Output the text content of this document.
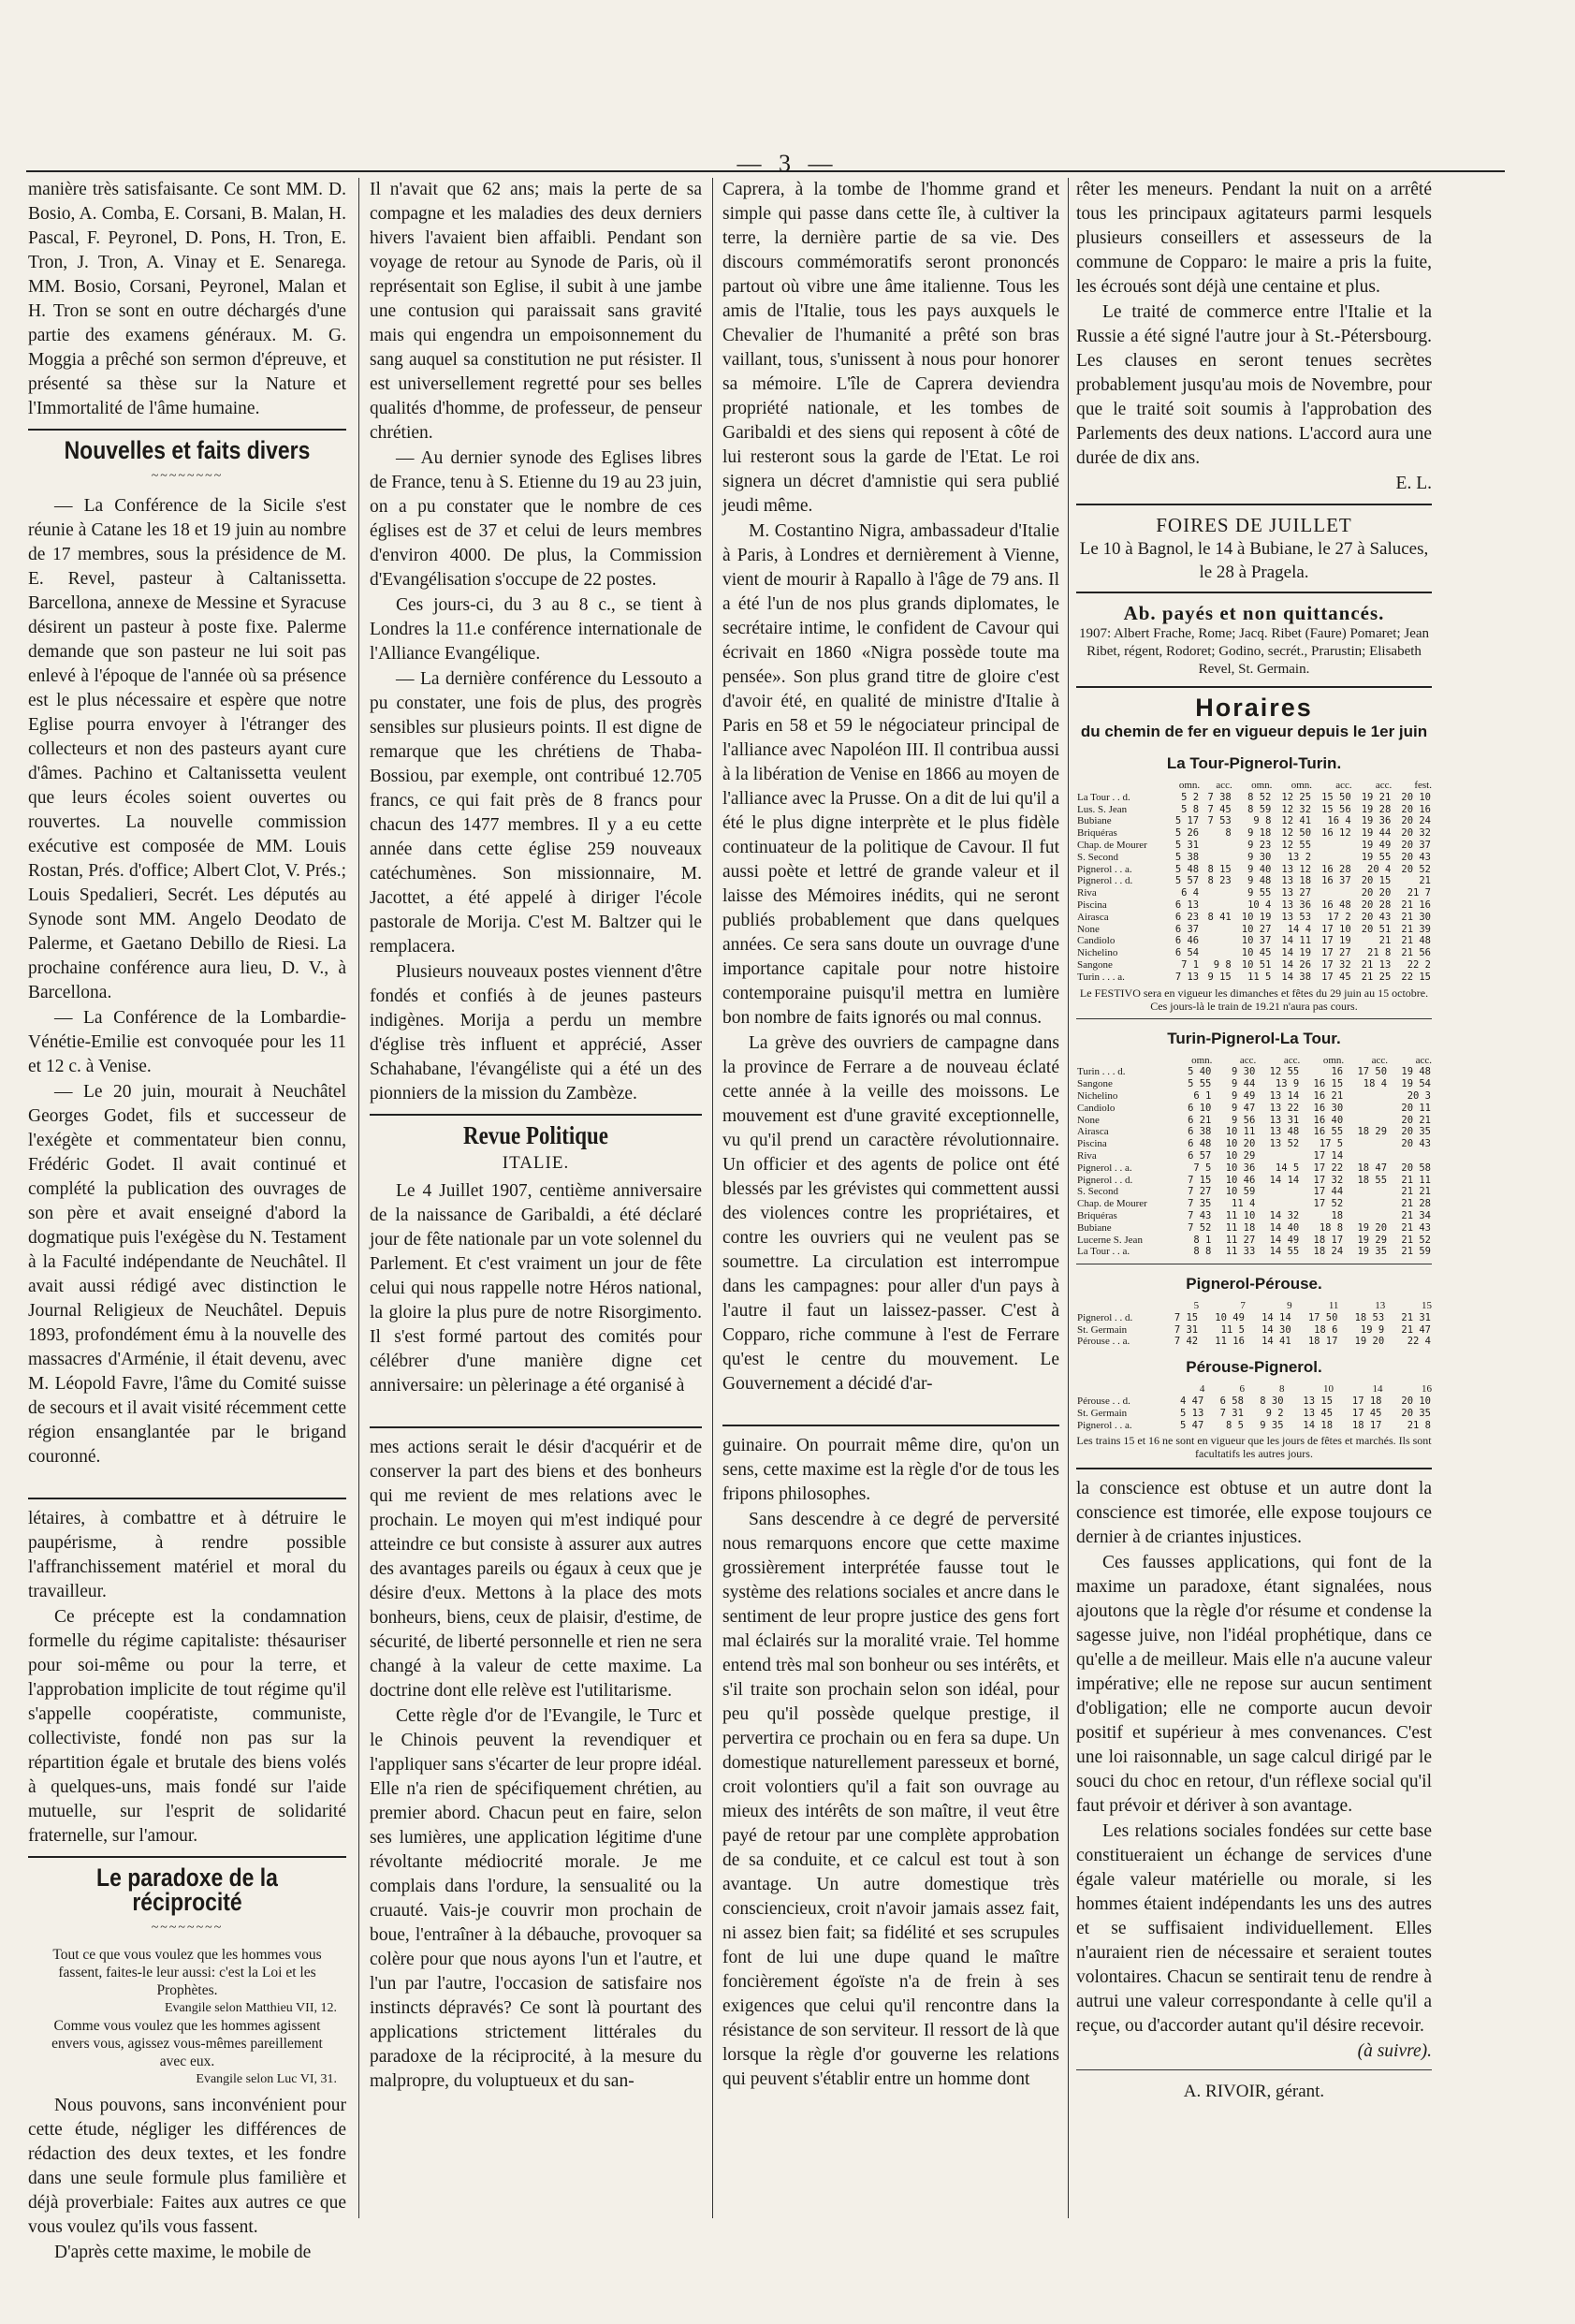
— 3 —

manière très satisfaisante. Ce sont MM. D. Bosio, A. Comba, E. Corsani, B. Malan, H. Pascal, F. Peyronel, D. Pons, H. Tron, E. Tron, J. Tron, A. Vinay et E. Senarega. MM. Bosio, Corsani, Peyronel, Malan et H. Tron se sont en outre déchargés d'une partie des examens généraux. M. G. Moggia a prêché son sermon d'épreuve, et présenté sa thèse sur la Nature et l'Immortalité de l'âme humaine.

Nouvelles et faits divers
~~~~~~~~

— La Conférence de la Sicile s'est réunie à Catane les 18 et 19 juin au nombre de 17 membres, sous la présidence de M. E. Revel, pasteur à Caltanissetta. Barcellona, annexe de Messine et Syracuse désirent un pasteur à poste fixe. Palerme demande que son pasteur ne lui soit pas enlevé à l'époque de l'année où sa présence est le plus nécessaire et espère que notre Eglise pourra envoyer à l'étranger des collecteurs et non des pasteurs ayant cure d'âmes. Pachino et Caltanissetta veulent que leurs écoles soient ouvertes ou rouvertes. La nouvelle commission exécutive est composée de MM. Louis Rostan, Prés. d'office; Albert Clot, V. Prés.; Louis Spedalieri, Secrét. Les députés au Synode sont MM. Angelo Deodato de Palerme, et Gaetano Debillo de Riesi. La prochaine conférence aura lieu, D. V., à Barcellona.

— La Conférence de la Lombardie-Vénétie-Emilie est convoquée pour les 11 et 12 c. à Venise.

— Le 20 juin, mourait à Neuchâtel Georges Godet, fils et successeur de l'exégète et commentateur bien connu, Frédéric Godet. Il avait continué et complété la publication des ouvrages de son père et avait enseigné d'abord la dogmatique puis l'exégèse du N. Testament à la Faculté indépendante de Neuchâtel. Il avait aussi rédigé avec distinction le Journal Religieux de Neuchâtel. Depuis 1893, profondément ému à la nouvelle des massacres d'Arménie, il était devenu, avec M. Léopold Favre, l'âme du Comité suisse de secours et il avait visité récemment cette région ensanglantée par le brigand couronné.

létaires, à combattre et à détruire le paupérisme, à rendre possible l'affranchissement matériel et moral du travailleur.

Ce précepte est la condamnation formelle du régime capitaliste: thésauriser pour soi-même ou pour la terre, et l'approbation implicite de tout régime qu'il s'appelle coopératiste, communiste, collectiviste, fondé non pas sur la répartition égale et brutale des biens volés à quelques-uns, mais fondé sur l'aide mutuelle, sur l'esprit de solidarité fraternelle, sur l'amour.

Le paradoxe de la réciprocité
~~~~~~~~
Tout ce que vous voulez que les hommes vous fassent, faites-le leur aussi: c'est la Loi et les Prophètes.
Evangile selon Matthieu VII, 12.
Comme vous voulez que les hommes agissent envers vous, agissez vous-mêmes pareillement avec eux.
Evangile selon Luc VI, 31.

Nous pouvons, sans inconvénient pour cette étude, négliger les différences de rédaction des deux textes, et les fondre dans une seule formule plus familière et déjà proverbiale: Faites aux autres ce que vous voulez qu'ils vous fassent.

D'après cette maxime, le mobile de

Il n'avait que 62 ans; mais la perte de sa compagne et les maladies des deux derniers hivers l'avaient bien affaibli. Pendant son voyage de retour au Synode de Paris, où il représentait son Eglise, il subit à une jambe une contusion qui paraissait sans gravité mais qui engendra un empoisonnement du sang auquel sa constitution ne put résister. Il est universellement regretté pour ses belles qualités d'homme, de professeur, de penseur chrétien.

— Au dernier synode des Eglises libres de France, tenu à S. Etienne du 19 au 23 juin, on a pu constater que le nombre de ces églises est de 37 et celui de leurs membres d'environ 4000. De plus, la Commission d'Evangélisation s'occupe de 22 postes.

Ces jours-ci, du 3 au 8 c., se tient à Londres la 11.e conférence internationale de l'Alliance Evangélique.

— La dernière conférence du Lessouto a pu constater, une fois de plus, des progrès sensibles sur plusieurs points. Il est digne de remarque que les chrétiens de Thaba-Bossiou, par exemple, ont contribué 12.705 francs, ce qui fait près de 8 francs pour chacun des 1477 membres. Il y a eu cette année dans cette église 259 nouveaux catéchumènes. Son missionnaire, M. Jacottet, a été appelé à diriger l'école pastorale de Morija. C'est M. Baltzer qui le remplacera.

Plusieurs nouveaux postes viennent d'être fondés et confiés à de jeunes pasteurs indigènes. Morija a perdu un membre d'église très influent et apprécié, Asser Schahabane, l'évangéliste qui a été un des pionniers de la mission du Zambèze.

Revue Politique
ITALIE.

Le 4 Juillet 1907, centième anniversaire de la naissance de Garibaldi, a été déclaré jour de fête nationale par un vote solennel du Parlement. Et c'est vraiment un jour de fête celui qui nous rappelle notre Héros national, la gloire la plus pure de notre Risorgimento. Il s'est formé partout des comités pour célébrer d'une manière digne cet anniversaire: un pèlerinage a été organisé à

mes actions serait le désir d'acquérir et de conserver la part des biens et des bonheurs qui me revient de mes relations avec le prochain. Le moyen qui m'est indiqué pour atteindre ce but consiste à assurer aux autres des avantages pareils ou égaux à ceux que je désire d'eux. Mettons à la place des mots bonheurs, biens, ceux de plaisir, d'estime, de sécurité, de liberté personnelle et rien ne sera changé à la valeur de cette maxime. La doctrine dont elle relève est l'utilitarisme.

Cette règle d'or de l'Evangile, le Turc et le Chinois peuvent la revendiquer et l'appliquer sans s'écarter de leur propre idéal. Elle n'a rien de spécifiquement chrétien, au premier abord. Chacun peut en faire, selon ses lumières, une application légitime d'une révoltante médiocrité morale. Je me complais dans l'ordure, la sensualité ou la cruauté. Vais-je couvrir mon prochain de boue, l'entraîner à la débauche, provoquer sa colère pour que nous ayons l'un et l'autre, et l'un par l'autre, l'occasion de satisfaire nos instincts dépravés? Ce sont là pourtant des applications strictement littérales du paradoxe de la réciprocité, à la mesure du malpropre, du voluptueux et du san-

Caprera, à la tombe de l'homme grand et simple qui passe dans cette île, à cultiver la terre, la dernière partie de sa vie. Des discours commémoratifs seront prononcés partout où vibre une âme italienne. Tous les amis de l'Italie, tous les pays auxquels le Chevalier de l'humanité a prêté son bras vaillant, tous, s'unissent à nous pour honorer sa mémoire. L'île de Caprera deviendra propriété nationale, et les tombes de Garibaldi et des siens qui reposent à côté de lui resteront sous la garde de l'Etat. Le roi signera un décret d'amnistie qui sera publié jeudi même.

M. Costantino Nigra, ambassadeur d'Italie à Paris, à Londres et dernièrement à Vienne, vient de mourir à Rapallo à l'âge de 79 ans. Il a été l'un de nos plus grands diplomates, le secrétaire intime, le confident de Cavour qui écrivait en 1860 «Nigra possède toute ma pensée». Son plus grand titre de gloire c'est d'avoir été, en qualité de ministre d'Italie à Paris en 58 et 59 le négociateur principal de l'alliance avec Napoléon III. Il contribua aussi à la libération de Venise en 1866 au moyen de l'alliance avec la Prusse. On a dit de lui qu'il a été le plus digne interprète et le plus fidèle continuateur de la politique de Cavour. Il fut aussi poète et lettré de grande valeur et il laisse des Mémoires inédits, qui ne seront publiés probablement que dans quelques années. Ce sera sans doute un ouvrage d'une importance capitale pour notre histoire contemporaine puisqu'il mettra en lumière bon nombre de faits ignorés ou mal connus.

La grève des ouvriers de campagne dans la province de Ferrare a de nouveau éclaté cette année à la veille des moissons. Le mouvement est d'une gravité exceptionnelle, vu qu'il prend un caractère révolutionnaire. Un officier et des agents de police ont été blessés par les grévistes qui commettent aussi des violences contre les propriétaires, et contre les ouvriers qui ne veulent pas se soumettre. La circulation est interrompue dans les campagnes: pour aller d'un pays à l'autre il faut un laissez-passer. C'est à Copparo, riche commune à l'est de Ferrare qu'est le centre du mouvement. Le Gouvernement a décidé d'ar-

guinaire. On pourrait même dire, qu'on un sens, cette maxime est la règle d'or de tous les fripons philosophes.

Sans descendre à ce degré de perversité nous remarquons encore que cette maxime grossièrement interprétée fausse tout le système des relations sociales et ancre dans le sentiment de leur propre justice des gens fort mal éclairés sur la moralité vraie. Tel homme entend très mal son bonheur ou ses intérêts, et s'il traite son prochain selon son idéal, pour peu qu'il possède quelque prestige, il pervertira ce prochain ou en fera sa dupe. Un domestique naturellement paresseux et borné, croit volontiers qu'il a fait son ouvrage au mieux des intérêts de son maître, il veut être payé de retour par une complète approbation de sa conduite, et ce calcul est tout à son avantage. Un autre domestique très consciencieux, croit n'avoir jamais assez fait, ni assez bien fait; sa fidélité et ses scrupules font de lui une dupe quand le maître foncièrement égoïste n'a de frein à ses exigences que celui qu'il rencontre dans la résistance de son serviteur. Il ressort de là que lorsque la règle d'or gouverne les relations qui peuvent s'établir entre un homme dont

rêter les meneurs. Pendant la nuit on a arrêté tous les principaux agitateurs parmi lesquels plusieurs conseillers et assesseurs de la commune de Copparo: le maire a pris la fuite, les écroués sont déjà une centaine et plus.

Le traité de commerce entre l'Italie et la Russie a été signé l'autre jour à St.-Pétersbourg. Les clauses en seront tenues secrètes probablement jusqu'au mois de Novembre, pour que le traité soit soumis à l'approbation des Parlements des deux nations. L'accord aura une durée de dix ans.

E. L.
FOIRES DE JUILLET
Le 10 à Bagnol, le 14 à Bubiane, le 27 à Saluces, le 28 à Pragela.
Ab. payés et non quittancés.
1907: Albert Frache, Rome; Jacq. Ribet (Faure) Pomaret; Jean Ribet, régent, Rodoret; Godino, secrét., Prarustin; Elisabeth Revel, St. Germain.
Horaires
du chemin de fer en vigueur depuis le 1er juin
La Tour-Pignerol-Turin.
	omn.	acc.	omn.	omn.	acc.	acc.	fest.
La Tour . . d.	5 2	7 38	8 52	12 25	15 50	19 21	20 10
Lus. S. Jean	5 8	7 45	8 59	12 32	15 56	19 28	20 16
Bubiane	5 17	7 53	9 8	12 41	16 4	19 36	20 24
Briquéras	5 26	8	9 18	12 50	16 12	19 44	20 32
Chap. de Mourer	5 31		9 23	12 55		19 49	20 37
S. Second	5 38		9 30	13 2		19 55	20 43
Pignerol . . a.	5 48	8 15	9 40	13 12	16 28	20 4	20 52
Pignerol . . d.	5 57	8 23	9 48	13 18	16 37	20 15	21
Riva	6 4		9 55	13 27		20 20	21 7
Piscina	6 13		10 4	13 36	16 48	20 28	21 16
Airasca	6 23	8 41	10 19	13 53	17 2	20 43	21 30
None	6 37		10 27	14 4	17 10	20 51	21 39
Candiolo	6 46		10 37	14 11	17 19	21	21 48
Nichelino	6 54		10 45	14 19	17 27	21 8	21 56
Sangone	7 1	9 8	10 51	14 26	17 32	21 13	22 2
Turin . . . a.	7 13	9 15	11 5	14 38	17 45	21 25	22 15
Le FESTIVO sera en vigueur les dimanches et fêtes du 29 juin au 15 octobre. Ces jours-là le train de 19.21 n'aura pas cours.
Turin-Pignerol-La Tour.
	omn.	acc.	acc.	omn.	acc.	acc.
Turin . . . d.	5 40	9 30	12 55	16	17 50	19 48
Sangone	5 55	9 44	13 9	16 15	18 4	19 54
Nichelino	6 1	9 49	13 14	16 21		20 3
Candiolo	6 10	9 47	13 22	16 30		20 11
None	6 21	9 56	13 31	16 40		20 21
Airasca	6 38	10 11	13 48	16 55	18 29	20 35
Piscina	6 48	10 20	13 52	17 5		20 43
Riva	6 57	10 29		17 14		
Pignerol . . a.	7 5	10 36	14 5	17 22	18 47	20 58
Pignerol . . d.	7 15	10 46	14 14	17 32	18 55	21 11
S. Second	7 27	10 59		17 44		21 21
Chap. de Mourer	7 35	11 4		17 52		21 28
Briquéras	7 43	11 10	14 32	18		21 34
Bubiane	7 52	11 18	14 40	18 8	19 20	21 43
Lucerne S. Jean	8 1	11 27	14 49	18 17	19 29	21 52
La Tour . . a.	8 8	11 33	14 55	18 24	19 35	21 59
Pignerol-Pérouse.
	5	7	9	11	13	15
Pignerol . . d.	7 15	10 49	14 14	17 50	18 53	21 31
St. Germain	7 31	11 5	14 30	18 6	19 9	21 47
Pérouse . . a.	7 42	11 16	14 41	18 17	19 20	22 4
Pérouse-Pignerol.
	4	6	8	10	14	16
Pérouse . . d.	4 47	6 58	8 30	13 15	17 18	20 10
St. Germain	5 13	7 31	9 2	13 45	17 45	20 35
Pignerol . . a.	5 47	8 5	9 35	14 18	18 17	21 8
Les trains 15 et 16 ne sont en vigueur que les jours de fêtes et marchés. Ils sont facultatifs les autres jours.

la conscience est obtuse et un autre dont la conscience est timorée, elle expose toujours ce dernier à de criantes injustices.

Ces fausses applications, qui font de la maxime un paradoxe, étant signalées, nous ajoutons que la règle d'or résume et condense la sagesse juive, non l'idéal prophétique, dans ce qu'elle a de meilleur. Mais elle n'a aucune valeur impérative; elle ne repose sur aucun sentiment d'obligation; elle ne comporte aucun devoir positif et supérieur à mes convenances. C'est une loi raisonnable, un sage calcul dirigé par le souci du choc en retour, d'un réflexe social qu'il faut prévoir et dériver à son avantage.

Les relations sociales fondées sur cette base constitueraient un échange de services d'une égale valeur matérielle ou morale, si les hommes étaient indépendants les uns des autres et se suffisaient individuellement. Elles n'auraient rien de nécessaire et seraient toutes volontaires. Chacun se sentirait tenu de rendre à autrui une valeur correspondante à celle qu'il a reçue, ou d'accorder autant qu'il désire recevoir.

(à suivre).
A. RIVOIR, gérant.
